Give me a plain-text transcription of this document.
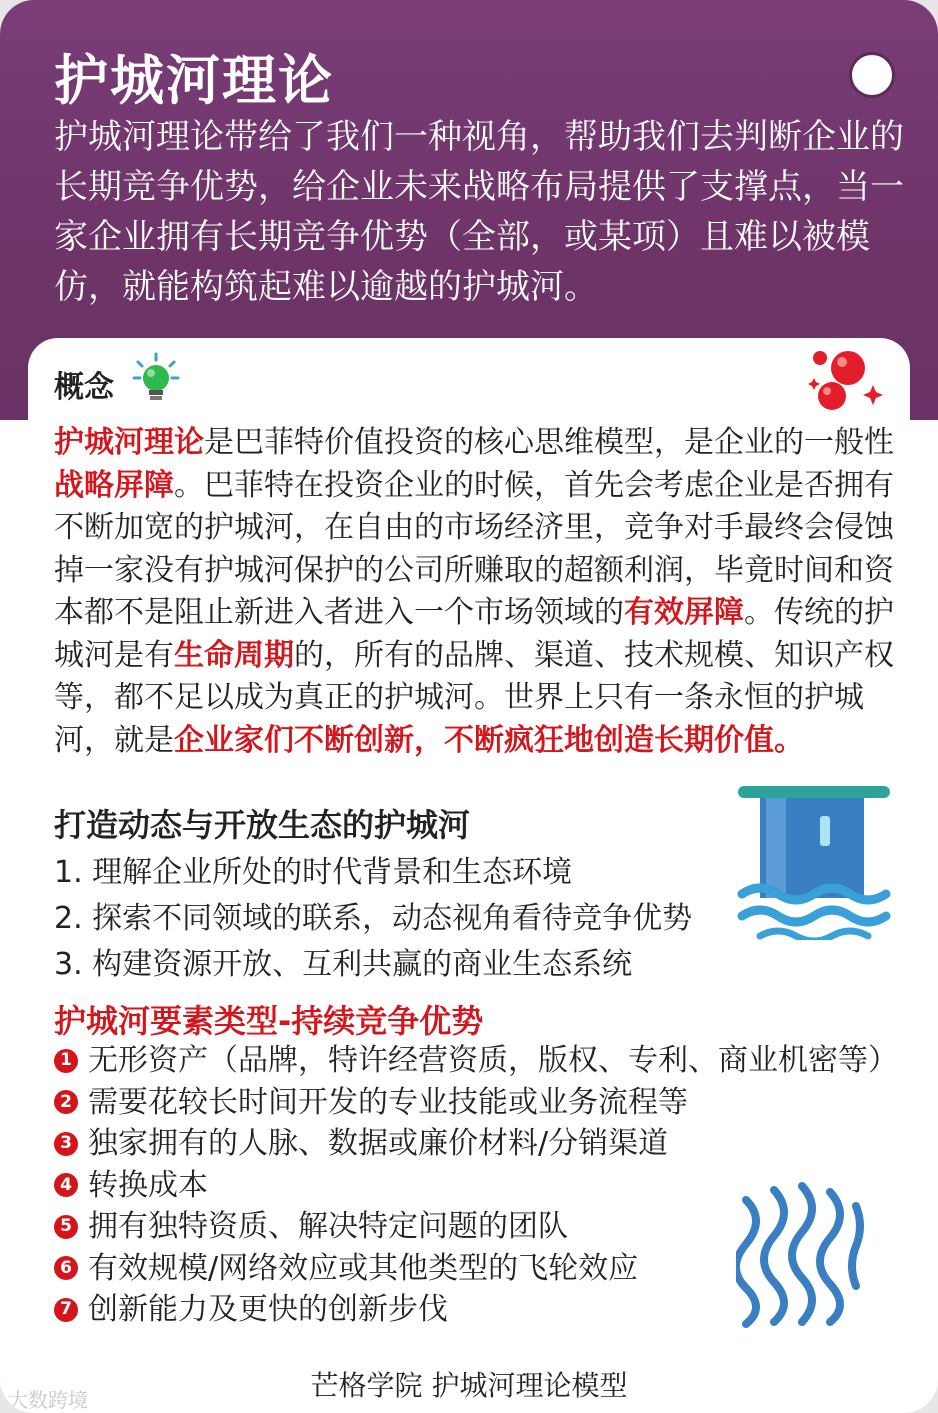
护城河理论

护城河理论带给了我们一种视角，帮助我们去判断企业的长期竞争优势，给企业未来战略布局提供了支撑点，当一家企业拥有长期竞争优势（全部，或某项）且难以被模仿，就能构筑起难以逾越的护城河。

概念

护城河理论是巴菲特价值投资的核心思维模型，是企业的一般性战略屏障。巴菲特在投资企业的时候，首先会考虑企业是否拥有不断加宽的护城河，在自由的市场经济里，竞争对手最终会侵蚀掉一家没有护城河保护的公司所赚取的超额利润，毕竟时间和资本都不是阻止新进入者进入一个市场领域的有效屏障。传统的护城河是有生命周期的，所有的品牌、渠道、技术规模、知识产权等，都不足以成为真正的护城河。世界上只有一条永恒的护城河，就是企业家们不断创新，不断疯狂地创造长期价值。

打造动态与开放生态的护城河
1. 理解企业所处的时代背景和生态环境
2. 探索不同领域的联系，动态视角看待竞争优势
3. 构建资源开放、互利共赢的商业生态系统
护城河要素类型-持续竞争优势
1 无形资产（品牌，特许经营资质，版权、专利、商业机密等）
2 需要花较长时间开发的专业技能或业务流程等
3 独家拥有的人脉、数据或廉价材料/分销渠道
4 转换成本
5 拥有独特资质、解决特定问题的团队
6 有效规模/网络效应或其他类型的飞轮效应
7 创新能力及更快的创新步伐
芒格学院 护城河理论模型
大数跨境
